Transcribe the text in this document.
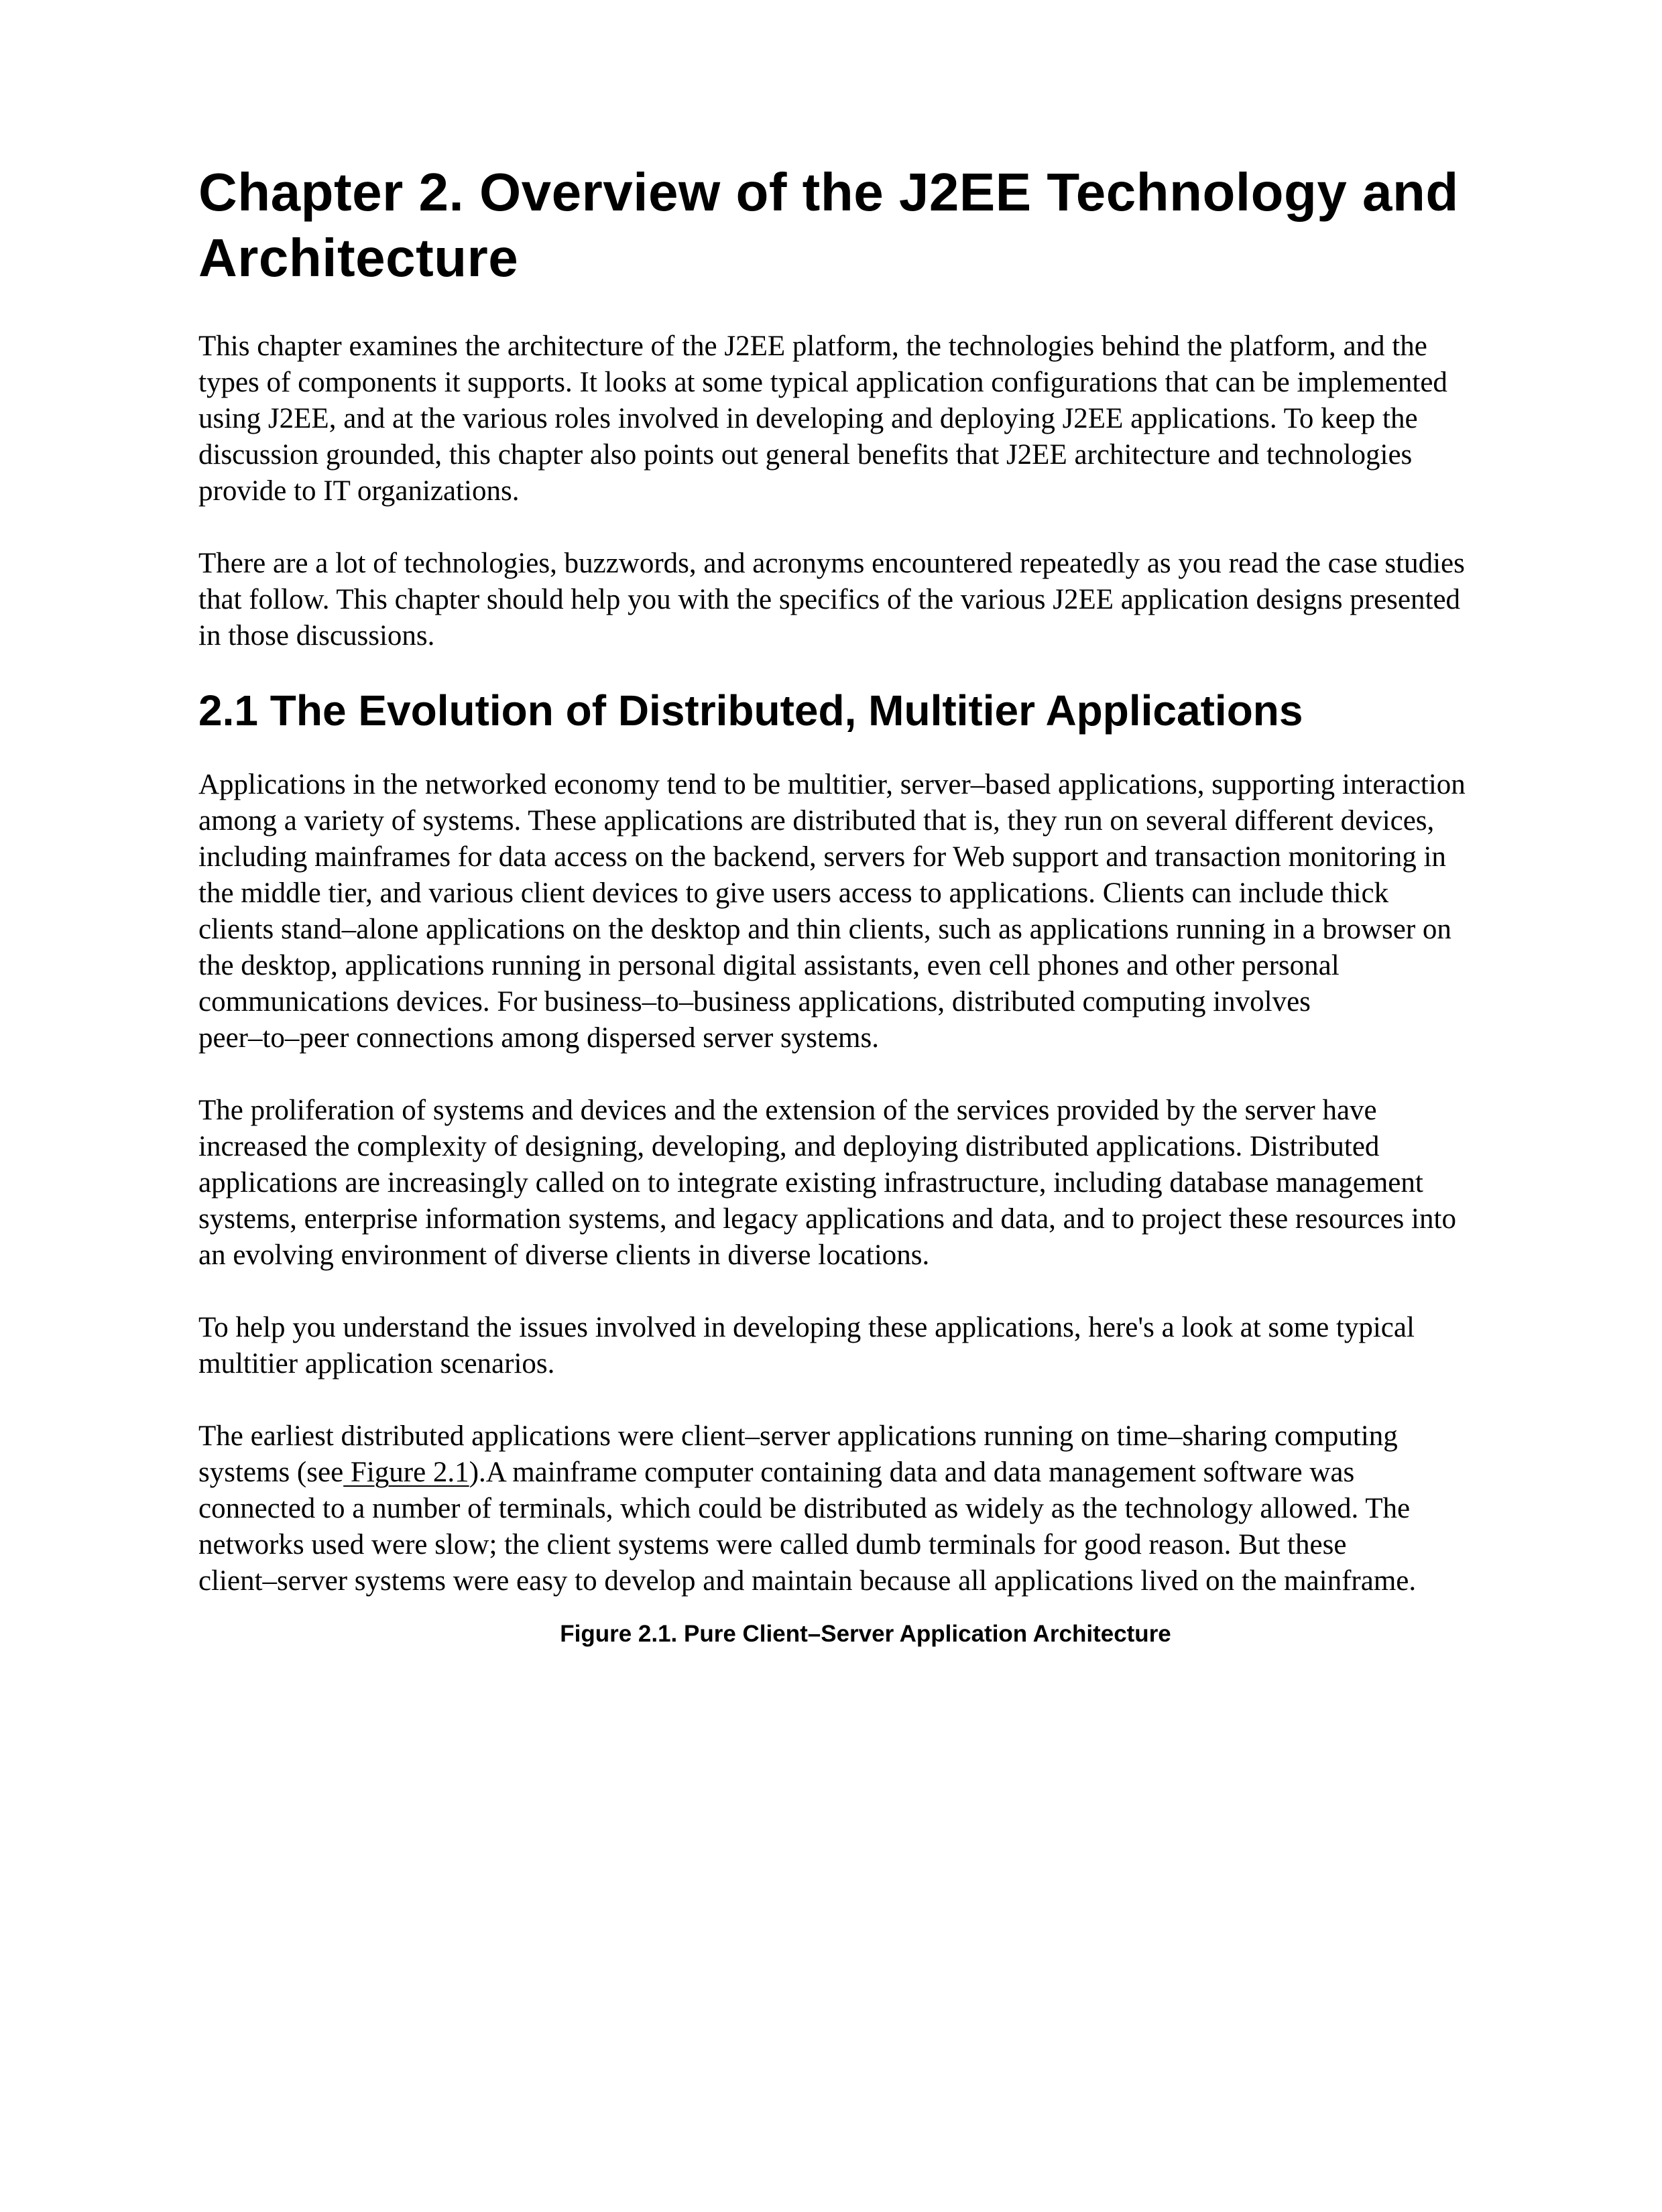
Chapter 2. Overview of the J2EE Technology and
Architecture

This chapter examines the architecture of the J2EE platform, the technologies behind the platform, and the
types of components it supports. It looks at some typical application configurations that can be implemented
using J2EE, and at the various roles involved in developing and deploying J2EE applications. To keep the
discussion grounded, this chapter also points out general benefits that J2EE architecture and technologies
provide to IT organizations.

There are a lot of technologies, buzzwords, and acronyms encountered repeatedly as you read the case studies
that follow. This chapter should help you with the specifics of the various J2EE application designs presented
in those discussions.

2.1 The Evolution of Distributed, Multitier Applications

Applications in the networked economy tend to be multitier, server–based applications, supporting interaction
among a variety of systems. These applications are distributed that is, they run on several different devices,
including mainframes for data access on the backend, servers for Web support and transaction monitoring in
the middle tier, and various client devices to give users access to applications. Clients can include thick
clients stand–alone applications on the desktop and thin clients, such as applications running in a browser on
the desktop, applications running in personal digital assistants, even cell phones and other personal
communications devices. For business–to–business applications, distributed computing involves
peer–to–peer connections among dispersed server systems.

The proliferation of systems and devices and the extension of the services provided by the server have
increased the complexity of designing, developing, and deploying distributed applications. Distributed
applications are increasingly called on to integrate existing infrastructure, including database management
systems, enterprise information systems, and legacy applications and data, and to project these resources into
an evolving environment of diverse clients in diverse locations.

To help you understand the issues involved in developing these applications, here's a look at some typical
multitier application scenarios.

The earliest distributed applications were client–server applications running on time–sharing computing
systems (see Figure 2.1).A mainframe computer containing data and data management software was
connected to a number of terminals, which could be distributed as widely as the technology allowed. The
networks used were slow; the client systems were called dumb terminals for good reason. But these
client–server systems were easy to develop and maintain because all applications lived on the mainframe.

Figure 2.1. Pure Client–Server Application Architecture
